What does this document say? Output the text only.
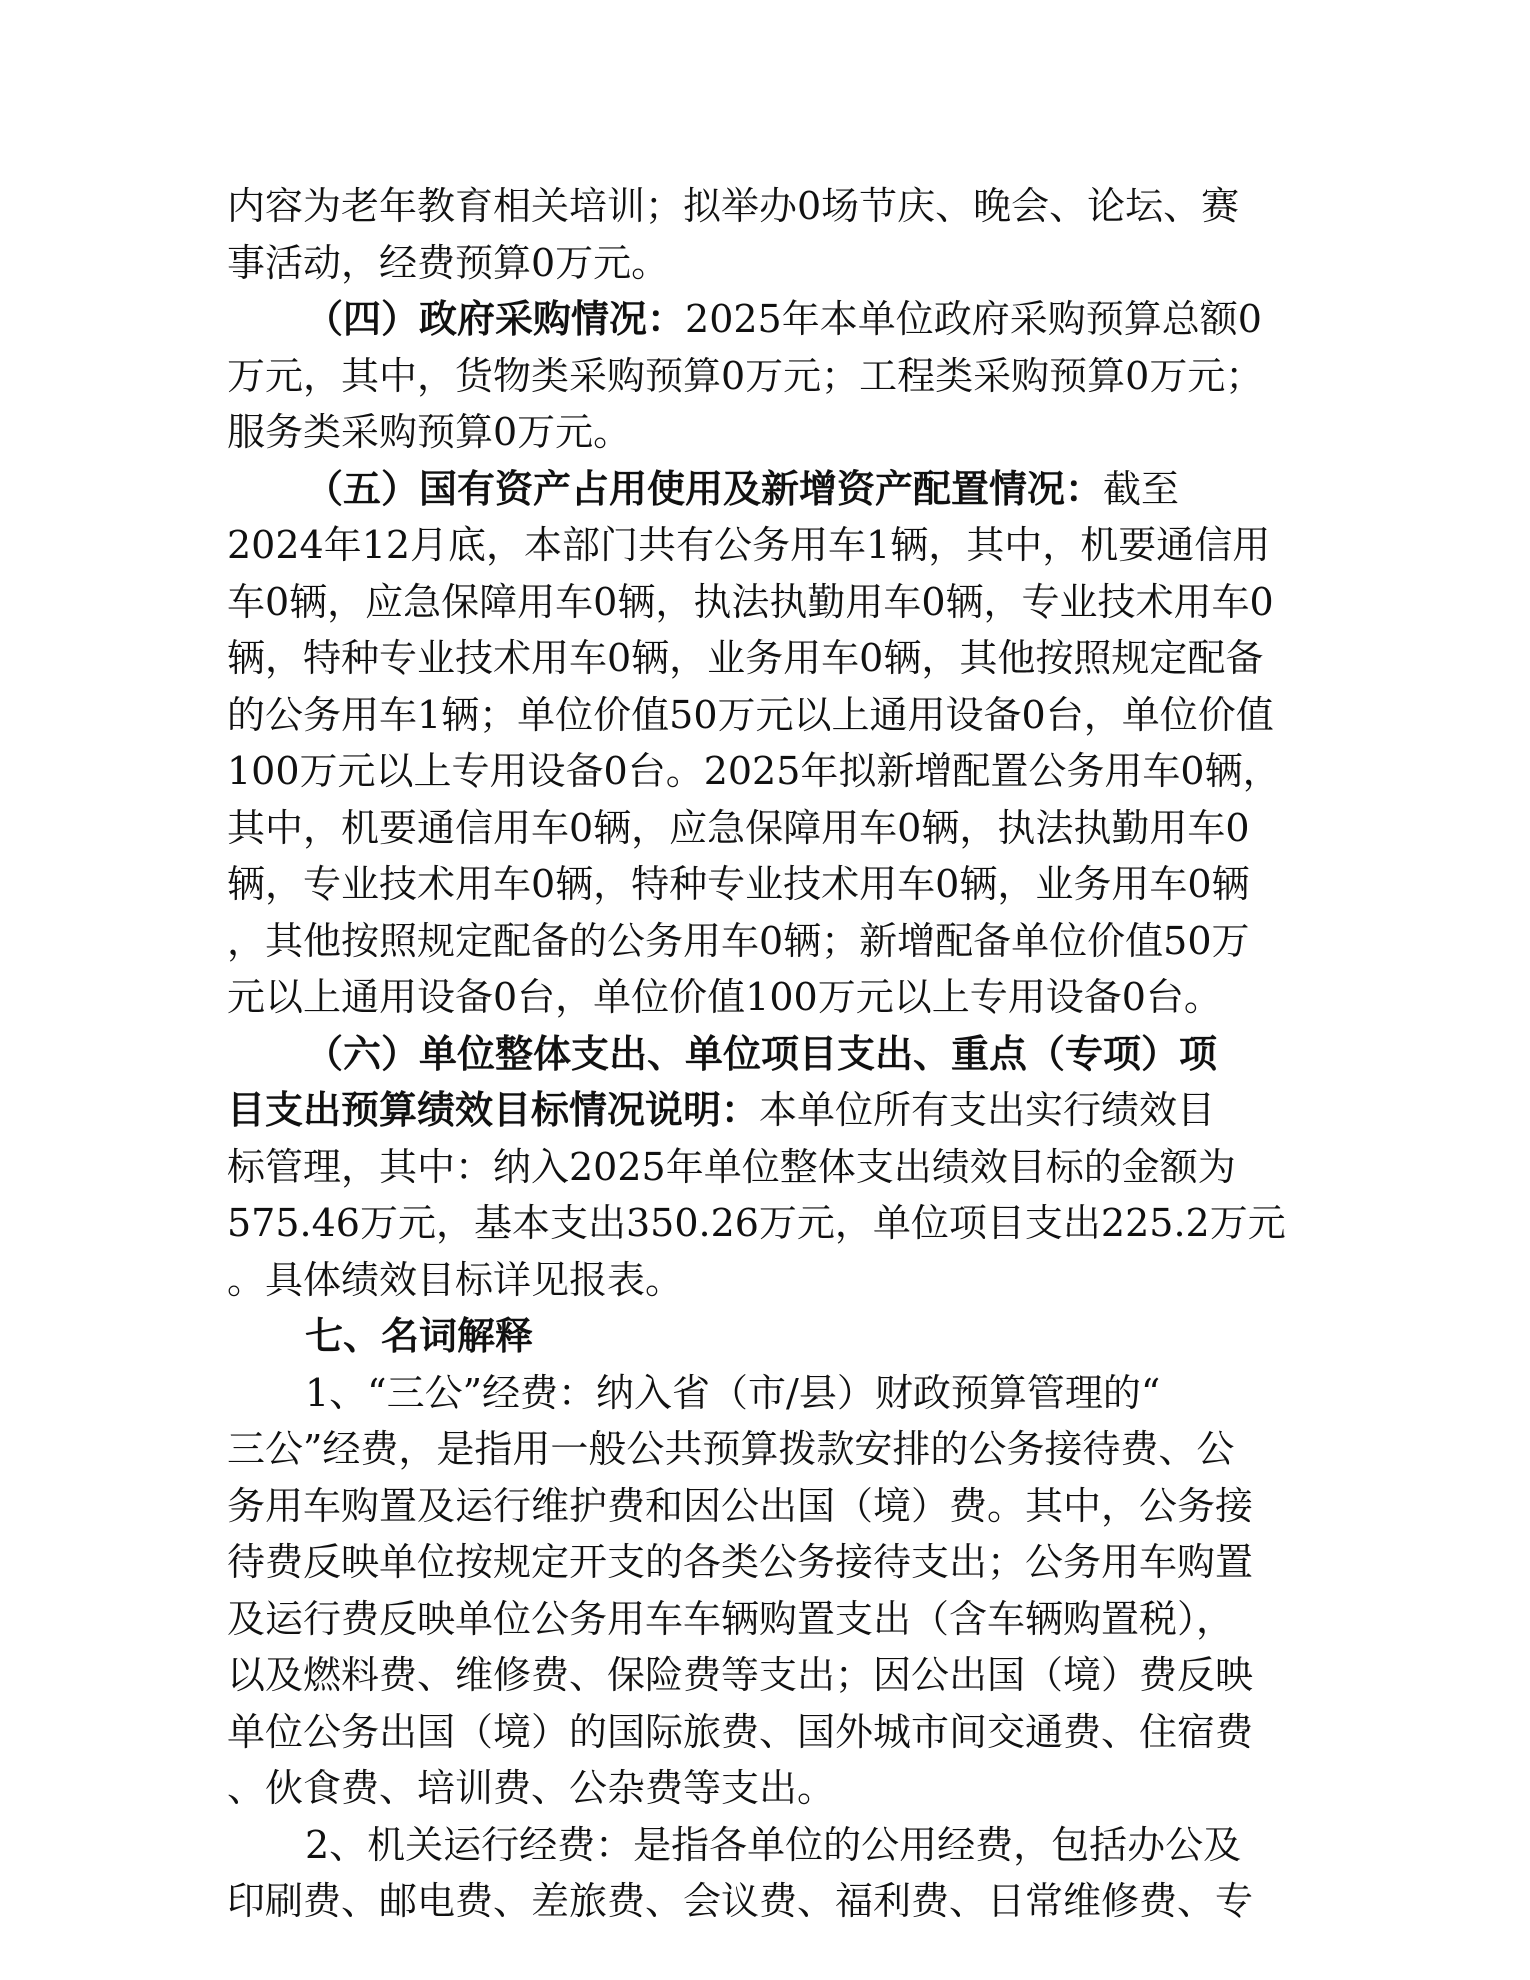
内容为老年教育相关培训；拟举办0场节庆、晚会、论坛、赛
事活动，经费预算0万元。
（四）政府采购情况：2025年本单位政府采购预算总额0
万元，其中，货物类采购预算0万元；工程类采购预算0万元；
服务类采购预算0万元。
（五）国有资产占用使用及新增资产配置情况：截至
2024年12月底，本部门共有公务用车1辆，其中，机要通信用
车0辆，应急保障用车0辆，执法执勤用车0辆，专业技术用车0
辆，特种专业技术用车0辆，业务用车0辆，其他按照规定配备
的公务用车1辆；单位价值50万元以上通用设备0台，单位价值
100万元以上专用设备0台。2025年拟新增配置公务用车0辆，
其中，机要通信用车0辆，应急保障用车0辆，执法执勤用车0
辆，专业技术用车0辆，特种专业技术用车0辆，业务用车0辆
，其他按照规定配备的公务用车0辆；新增配备单位价值50万
元以上通用设备0台，单位价值100万元以上专用设备0台。
（六）单位整体支出、单位项目支出、重点（专项）项
目支出预算绩效目标情况说明：本单位所有支出实行绩效目
标管理，其中：纳入2025年单位整体支出绩效目标的金额为
575.46万元，基本支出350.26万元，单位项目支出225.2万元
。具体绩效目标详见报表。
七、名词解释
1、“三公”经费：纳入省（市/县）财政预算管理的“
三公”经费，是指用一般公共预算拨款安排的公务接待费、公
务用车购置及运行维护费和因公出国（境）费。其中，公务接
待费反映单位按规定开支的各类公务接待支出；公务用车购置
及运行费反映单位公务用车车辆购置支出（含车辆购置税），
以及燃料费、维修费、保险费等支出；因公出国（境）费反映
单位公务出国（境）的国际旅费、国外城市间交通费、住宿费
、伙食费、培训费、公杂费等支出。
2、机关运行经费：是指各单位的公用经费，包括办公及
印刷费、邮电费、差旅费、会议费、福利费、日常维修费、专
